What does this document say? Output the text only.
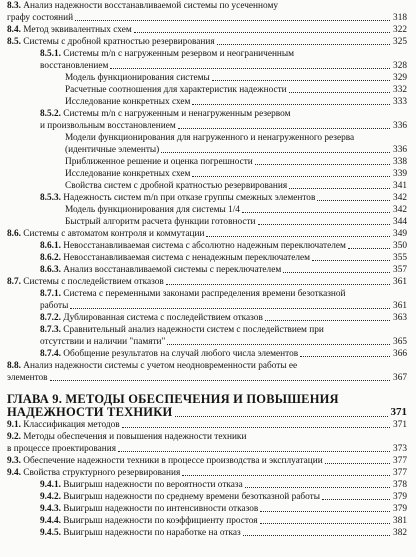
8.3. Анализ надежности восстанавливаемой системы по усеченному
графу состояний	318
8.4. Метод эквивалентных схем	322
8.5. Системы с дробной кратностью резервирования	325
8.5.1. Системы m/n с нагруженным резервом и неограниченным
восстановлением	328
Модель функционирования системы	329
Расчетные соотношения для характеристик надежности	332
Исследование конкретных схем	333
8.5.2. Системы m/n с нагруженным и ненагруженным резервом
и произвольным восстановлением	336
Модели функционирования для нагруженного и ненагруженного резерва
(идентичные элементы)	336
Приближенное решение и оценка погрешности	338
Исследование конкретных схем	339
Свойства систем с дробной кратностью резервирования	341
8.5.3. Надежность систем m/n при отказе группы смежных элементов	342
Модель функционирования для системы 1/4	342
Быстрый алгоритм расчета функции готовности	344
8.6. Системы с автоматом контроля и коммутации	349
8.6.1. Невосстанавливаемая система с абсолютно надежным переключателем	350
8.6.2. Невосстанавливаемая система с ненадежным переключателем	355
8.6.3. Анализ восстанавливаемой системы с переключателем	357
8.7. Системы с последействием отказов	361
8.7.1. Система с переменными законами распределения времени безотказной
работы	361
8.7.2. Дублированная система с последействием отказов	363
8.7.3. Сравнительный анализ надежности систем с последействием при
отсутствии и наличии "памяти"	365
8.7.4. Обобщение результатов на случай любого числа элементов	366
8.8. Анализ надежности системы с учетом неодновременности работы ее
элементов	367
ГЛАВА 9. МЕТОДЫ ОБЕСПЕЧЕНИЯ И ПОВЫШЕНИЯ
НАДЕЖНОСТИ ТЕХНИКИ	371
9.1. Классификация методов	371
9.2. Методы обеспечения и повышения надежности техники
в процессе проектирования	373
9.3. Обеспечение надежности техники в процессе производства и эксплуатации	377
9.4. Свойства структурного резервирования	377
9.4.1. Выигрыш надежности по вероятности отказа	378
9.4.2. Выигрыш надежности по среднему времени безотказной работы	379
9.4.3. Выигрыш надежности по интенсивности отказов	379
9.4.4. Выигрыш надежности по коэффициенту простоя	381
9.4.5. Выигрыш надежности по наработке на отказ	382
